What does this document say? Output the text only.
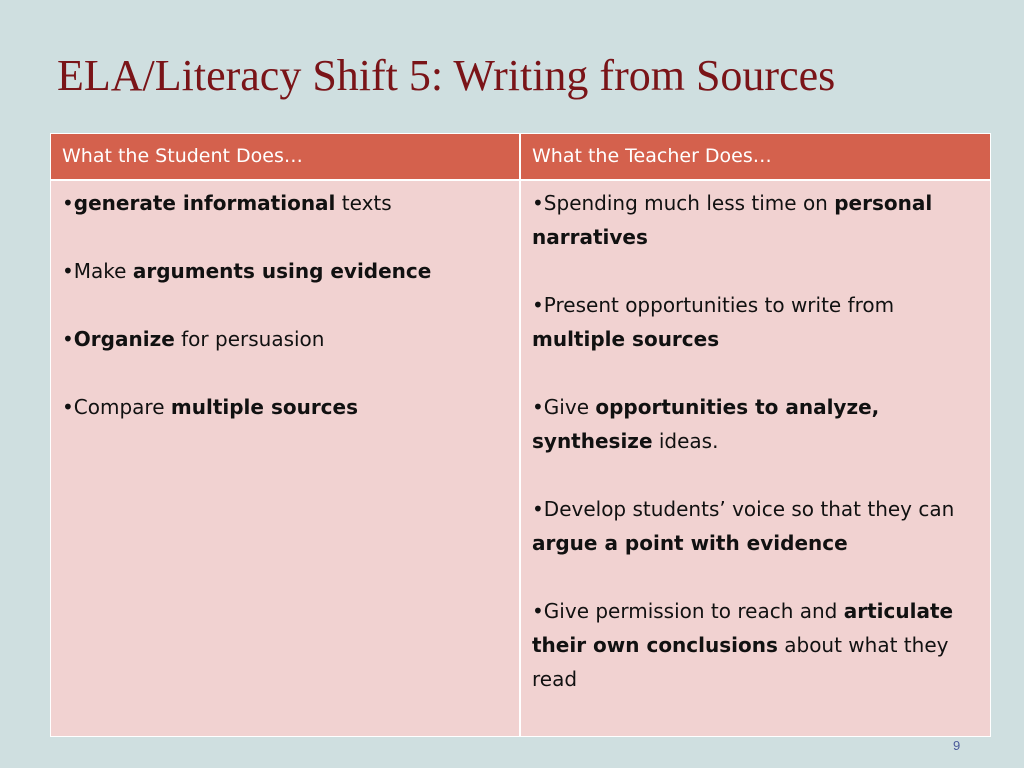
ELA/Literacy Shift 5: Writing from Sources
What the Student Does…	What the Teacher Does…
•generate informational texts
•Make arguments using evidence
•Organize for persuasion
•Compare multiple sources
•Spending much less time on personal narratives
•Present opportunities to write from multiple sources
•Give opportunities to analyze, synthesize ideas.
•Develop students’ voice so that they can argue a point with evidence
•Give permission to reach and articulate their own conclusions about what they read
9
